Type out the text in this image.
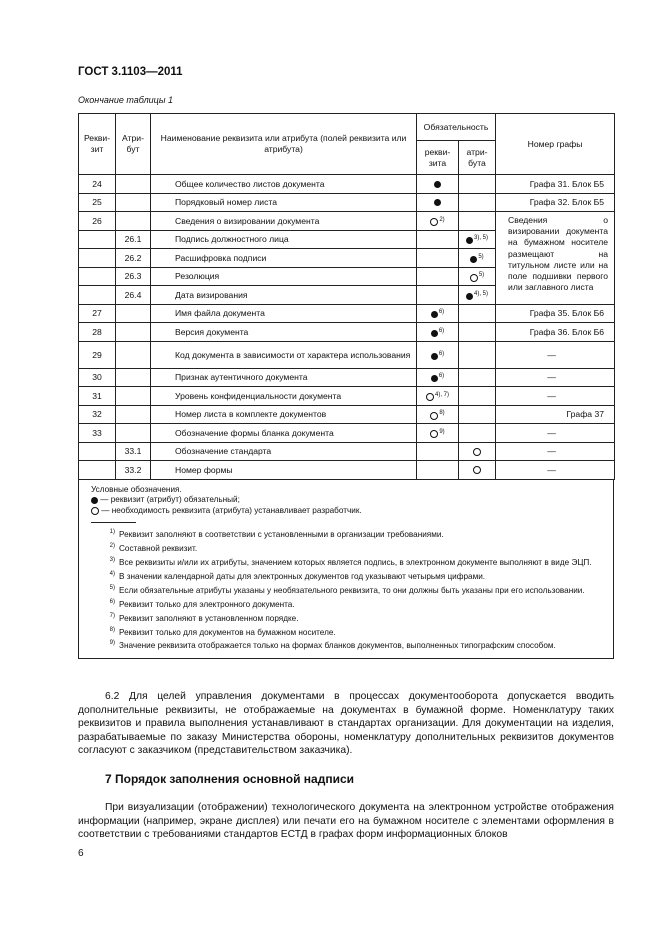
ГОСТ 3.1103—2011
Окончание таблицы 1
Рекви-зит	Атри-бут	Наименование реквизита или атрибута (полей реквизита или атрибута)	Обязательность		Номер графы
			рекви-зита	атри-бута	
24		Общее количество листов документа			Графа 31. Блок Б5
25		Порядковый номер листа			Графа 32. Блок Б5
26		Сведения о визировании документа	$^{2)}$		Сведения о визировании документа на бумажном носителе размещают на титульном листе или на поле подшивки первого или заглавного листа
	26.1	Подпись должностного лица		$^{3), 5)}$
	26.2	Расшифровка подписи		$^{5)}$
	26.3	Резолюция		$^{5)}$
	26.4	Дата визирования		$^{4), 5)}$
27		Имя файла документа	$^{6)}$		Графа 35. Блок Б6
28		Версия документа	$^{6)}$		Графа 36. Блок Б6
29		Код документа в зависимости от характера использования	$^{6)}$		—
30		Признак аутентичного документа	$^{6)}$		—
31		Уровень конфиденциальности документа	$^{4), 7)}$		—
32		Номер листа в комплекте документов	$^{8)}$		Графа 37
33		Обозначение формы бланка документа	$^{9)}$		—
	33.1	Обозначение стандарта			—
	33.2	Номер формы			—
Условные обозначения.
— реквизит (атрибут) обязательный;
— необходимость реквизита (атрибута) устанавливает разработчик.
1) Реквизит заполняют в соответствии с установленными в организации требованиями.
2) Составной реквизит.
3) Все реквизиты и/или их атрибуты, значением которых является подпись, в электронном документе выполняют в виде ЭЦП.
4) В значении календарной даты для электронных документов год указывают четырьмя цифрами.
5) Если обязательные атрибуты указаны у необязательного реквизита, то они должны быть указаны при его использовании.
6) Реквизит только для электронного документа.
7) Реквизит заполняют в установленном порядке.
8) Реквизит только для документов на бумажном носителе.
9) Значение реквизита отображается только на формах бланков документов, выполненных типографским способом.
6.2 Для целей управления документами в процессах документооборота допускается вводить дополнительные реквизиты, не отображаемые на документах в бумажной форме. Номенклатуру таких реквизитов и правила выполнения устанавливают в стандартах организации. Для документации на изделия, разрабатываемые по заказу Министерства обороны, номенклатуру дополнительных реквизитов документов согласуют с заказчиком (представительством заказчика).
7 Порядок заполнения основной надписи
При визуализации (отображении) технологического документа на электронном устройстве отображения информации (например, экране дисплея) или печати его на бумажном носителе с элементами оформления в соответствии с требованиями стандартов ЕСТД в графах форм информационных блоков
6
